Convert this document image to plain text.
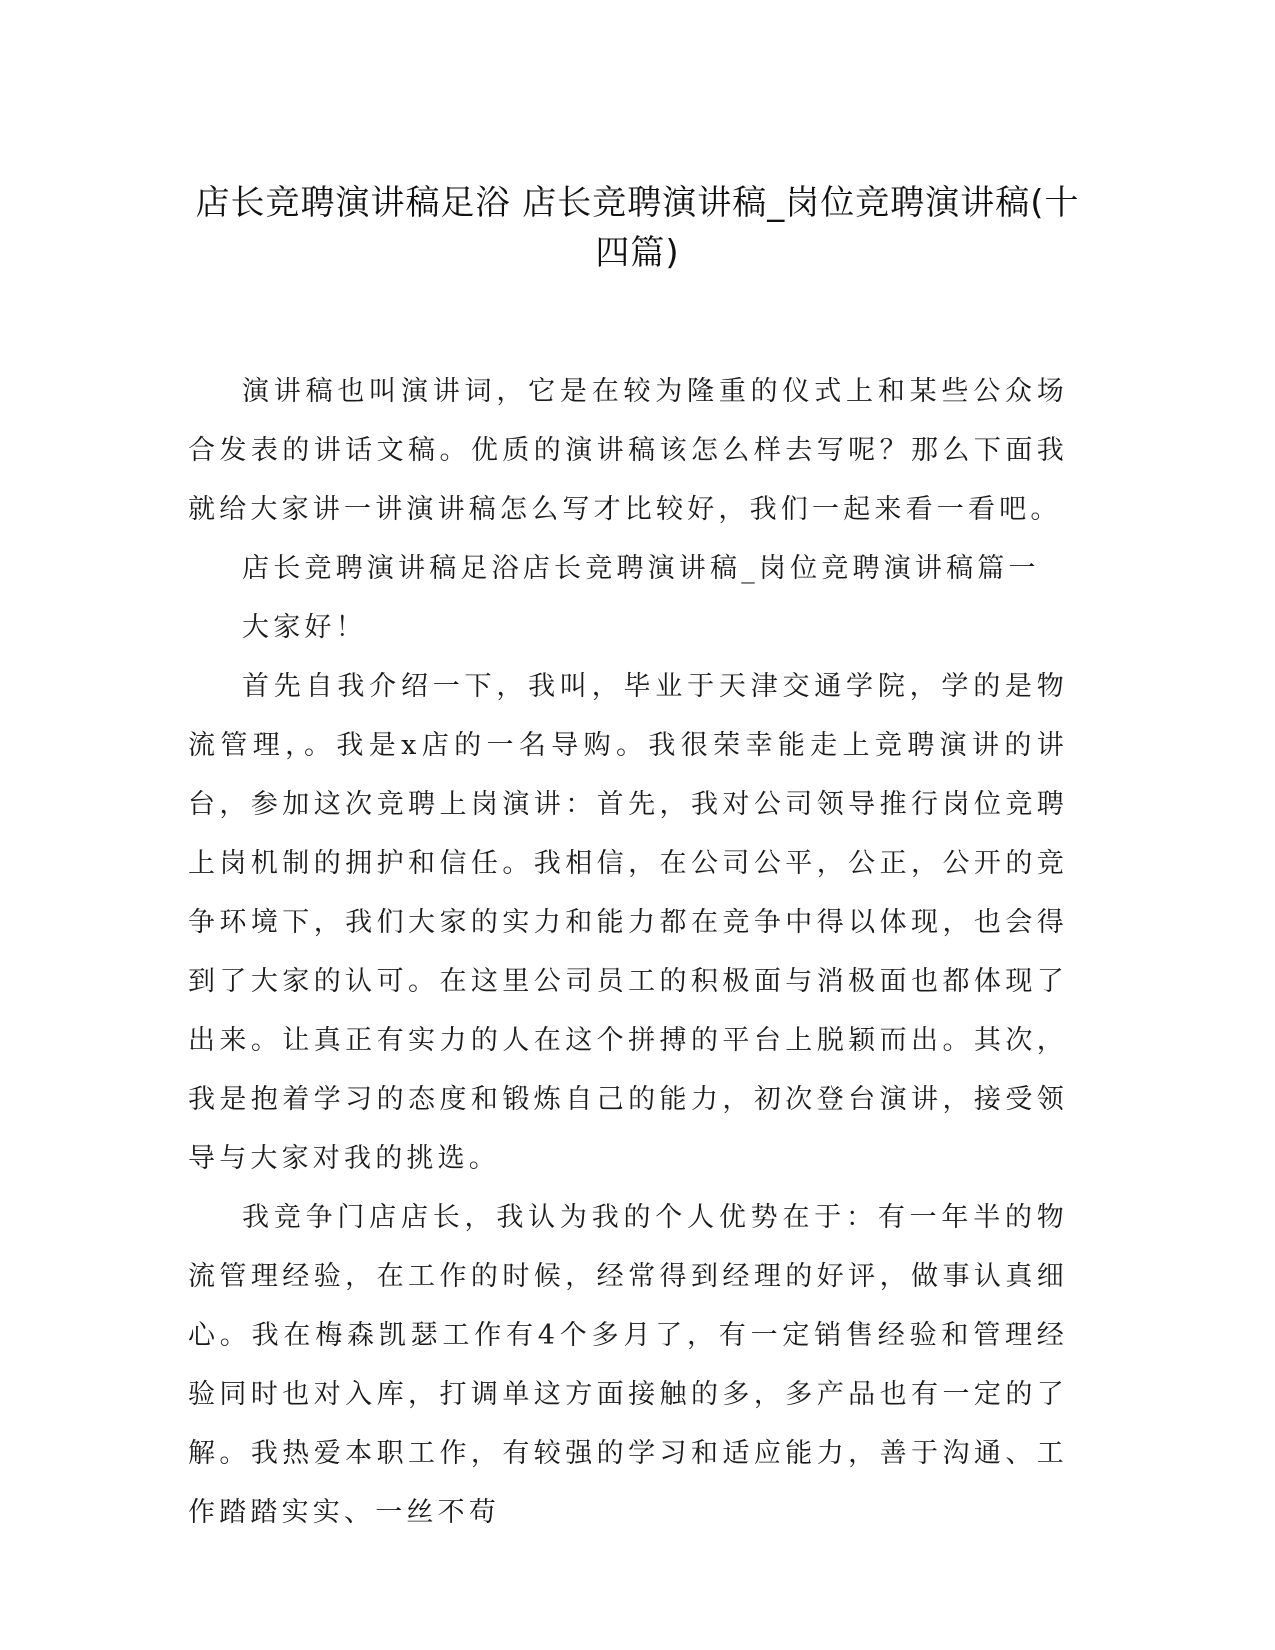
店长竞聘演讲稿足浴 店长竞聘演讲稿_岗位竞聘演讲稿(十四篇)

演讲稿也叫演讲词，它是在较为隆重的仪式上和某些公众场合发表的讲话文稿。优质的演讲稿该怎么样去写呢？那么下面我就给大家讲一讲演讲稿怎么写才比较好，我们一起来看一看吧。

店长竞聘演讲稿足浴店长竞聘演讲稿_岗位竞聘演讲稿篇一

大家好！

首先自我介绍一下，我叫，毕业于天津交通学院，学的是物流管理，。我是x店的一名导购。我很荣幸能走上竞聘演讲的讲台，参加这次竞聘上岗演讲：首先，我对公司领导推行岗位竞聘上岗机制的拥护和信任。我相信，在公司公平，公正，公开的竞争环境下，我们大家的实力和能力都在竞争中得以体现，也会得到了大家的认可。在这里公司员工的积极面与消极面也都体现了出来。让真正有实力的人在这个拼搏的平台上脱颖而出。其次，我是抱着学习的态度和锻炼自己的能力，初次登台演讲，接受领导与大家对我的挑选。

我竞争门店店长，我认为我的个人优势在于：有一年半的物流管理经验，在工作的时候，经常得到经理的好评，做事认真细心。我在梅森凯瑟工作有4个多月了，有一定销售经验和管理经验同时也对入库，打调单这方面接触的多，多产品也有一定的了解。我热爱本职工作，有较强的学习和适应能力，善于沟通、工作踏踏实实、一丝不苟
